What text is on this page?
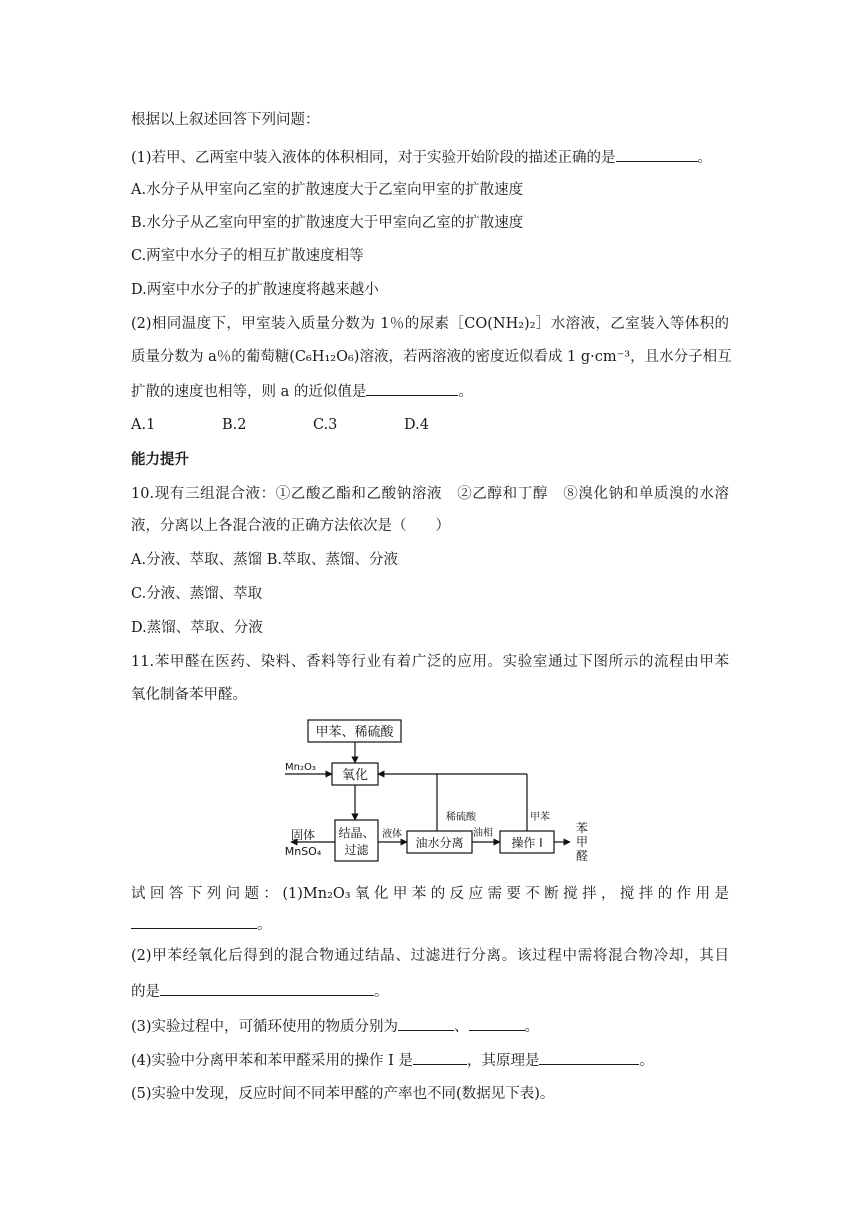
根据以上叙述回答下列问题：
(1)若甲、乙两室中装入液体的体积相同，对于实验开始阶段的描述正确的是	。
A.水分子从甲室向乙室的扩散速度大于乙室向甲室的扩散速度
B.水分子从乙室向甲室的扩散速度大于甲室向乙室的扩散速度
C.两室中水分子的相互扩散速度相等
D.两室中水分子的扩散速度将越来越小
(2)相同温度下，甲室装入质量分数为 1％的尿素［CO(NH₂)₂］水溶液，乙室装入等体积的
质量分数为 a％的葡萄糖(C₆H₁₂O₆)溶液，若两溶液的密度近似看成 1 g·cm⁻³，且水分子相互
扩散的速度也相等，则 a 的近似值是	。
A.1	B.2	C.3	D.4
能力提升
10.现有三组混合液：①乙酸乙酯和乙酸钠溶液　②乙醇和丁醇　⑧溴化钠和单质溴的水溶
液，分离以上各混合液的正确方法依次是（　　）
A.分液、萃取、蒸馏 B.萃取、蒸馏、分液
C.分液、蒸馏、萃取
D.蒸馏、萃取、分液
11.苯甲醛在医药、染料、香料等行业有着广泛的应用。实验室通过下图所示的流程由甲苯
氧化制备苯甲醛。
甲苯、稀硫酸
Mn₂O₃
氧化
结晶、
过滤
固体
MnSO₄
液体
油水分离
稀硫酸
油相
操作 I
甲苯
苯
甲
醛
试回答下列问题：(1)Mn₂O₃氧化甲苯的反应需要不断搅拌，搅拌的作用是
。
(2)甲苯经氧化后得到的混合物通过结晶、过滤进行分离。该过程中需将混合物冷却，其目
的是	。
(3)实验过程中，可循环使用的物质分别为	、	。
(4)实验中分离甲苯和苯甲醛采用的操作 I 是	，其原理是	。
(5)实验中发现，反应时间不同苯甲醛的产率也不同(数据见下表)。
